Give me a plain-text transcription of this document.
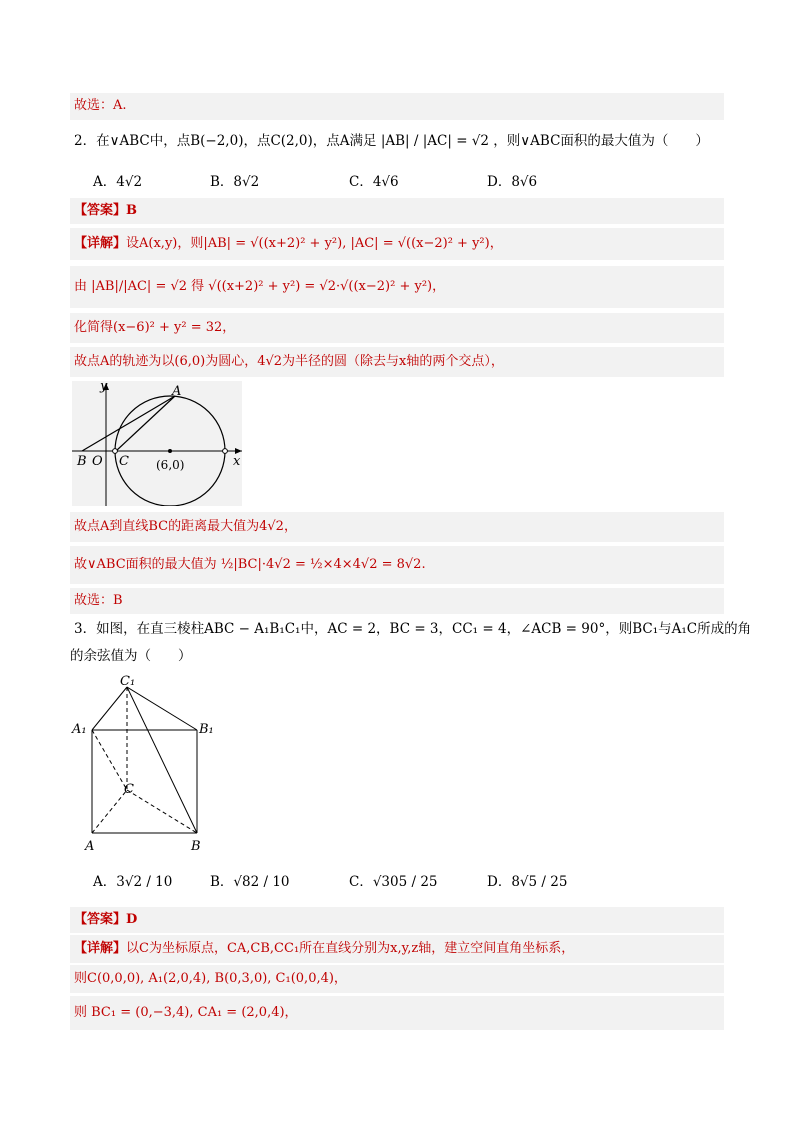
故选：A.
2．在∨ABC中，点B(−2,0)，点C(2,0)，点A满足 |AB| / |AC| = √2 ，则∨ABC面积的最大值为（　　）
A．4√2	B．8√2	C．4√6	D．8√6
【答案】B
【详解】设A(x,y)，则|AB| = √((x+2)² + y²), |AC| = √((x−2)² + y²)，
由 |AB|/|AC| = √2 得 √((x+2)² + y²) = √2·√((x−2)² + y²)，
化简得(x−6)² + y² = 32，
故点A的轨迹为以(6,0)为圆心，4√2为半径的圆（除去与x轴的两个交点），
y
x
B O C
A
(6,0)
故点A到直线BC的距离最大值为4√2，
故∨ABC面积的最大值为 ½|BC|·4√2 = ½×4×4√2 = 8√2.
故选：B
3．如图，在直三棱柱ABC − A₁B₁C₁中，AC = 2，BC = 3，CC₁ = 4，∠ACB = 90°，则BC₁与A₁C所成的角
的余弦值为（　　）
C₁
A₁	B₁
C
A	B
A．3√2 / 10	B．√82 / 10	C．√305 / 25	D．8√5 / 25
【答案】D
【详解】以C为坐标原点，CA,CB,CC₁所在直线分别为x,y,z轴，建立空间直角坐标系，
则C(0,0,0), A₁(2,0,4), B(0,3,0), C₁(0,0,4)，
则 BC₁ = (0,−3,4), CA₁ = (2,0,4)，
